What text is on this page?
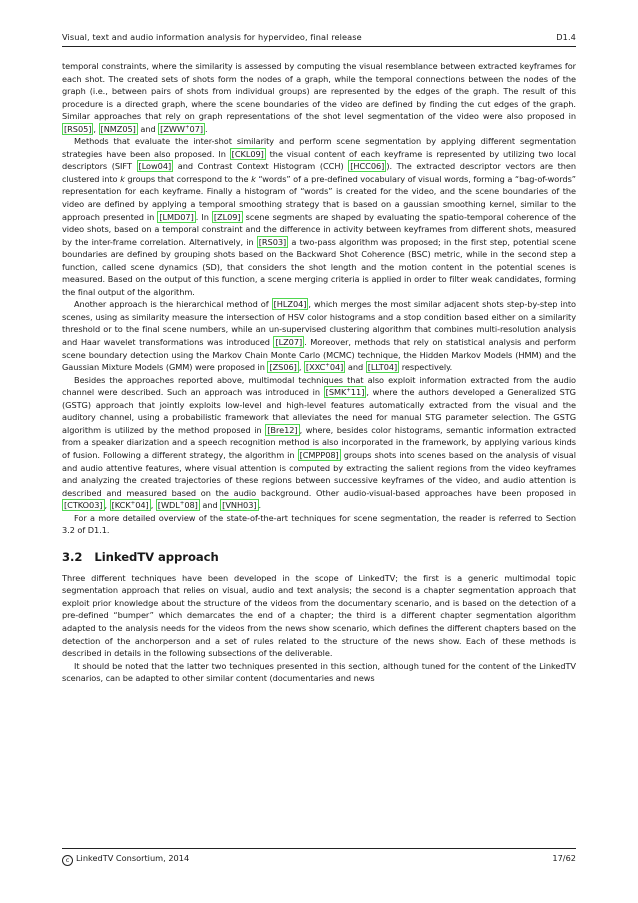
Visual, text and audio information analysis for hypervideo, final release	D1.4

temporal constraints, where the similarity is assessed by computing the visual resemblance between extracted keyframes for each shot. The created sets of shots form the nodes of a graph, while the temporal connections between the nodes of the graph (i.e., between pairs of shots from individual groups) are represented by the edges of the graph. The result of this procedure is a directed graph, where the scene boundaries of the video are defined by finding the cut edges of the graph. Similar approaches that rely on graph representations of the shot level segmentation of the video were also proposed in [ RS05 ] , [ NMZ05 ] and [ ZWW+07 ] .

Methods that evaluate the inter-shot similarity and perform scene segmentation by applying different segmentation strategies have been also proposed. In [ CKL09 ] the visual content of each keyframe is represented by utilizing two local descriptors (SIFT [ Low04 ] and Contrast Context Histogram (CCH) [ HCC06 ] ). The extracted descriptor vectors are then clustered into k groups that correspond to the k “words” of a pre-defined vocabulary of visual words, forming a “bag-of-words” representation for each keyframe. Finally a histogram of “words” is created for the video, and the scene boundaries of the video are defined by applying a temporal smoothing strategy that is based on a gaussian smoothing kernel, similar to the approach presented in [ LMD07 ] . In [ ZL09 ] scene segments are shaped by evaluating the spatio-temporal coherence of the video shots, based on a temporal constraint and the difference in activity between keyframes from different shots, measured by the inter-frame correlation. Alternatively, in [ RS03 ] a two-pass algorithm was proposed; in the first step, potential scene boundaries are defined by grouping shots based on the Backward Shot Coherence (BSC) metric, while in the second step a function, called scene dynamics (SD), that considers the shot length and the motion content in the potential scenes is measured. Based on the output of this function, a scene merging criteria is applied in order to filter weak candidates, forming the final output of the algorithm.

Another approach is the hierarchical method of [ HLZ04 ] , which merges the most similar adjacent shots step-by-step into scenes, using as similarity measure the intersection of HSV color histograms and a stop condition based either on a similarity threshold or to the final scene numbers, while an un-supervised clustering algorithm that combines multi-resolution analysis and Haar wavelet transformations was introduced [ LZ07 ] . Moreover, methods that rely on statistical analysis and perform scene boundary detection using the Markov Chain Monte Carlo (MCMC) technique, the Hidden Markov Models (HMM) and the Gaussian Mixture Models (GMM) were proposed in [ ZS06 ] , [ XXC+04 ] and [ LLT04 ] respectively.

Besides the approaches reported above, multimodal techniques that also exploit information extracted from the audio channel were described. Such an approach was introduced in [ SMK+11 ] , where the authors developed a Generalized STG (GSTG) approach that jointly exploits low-level and high-level features automatically extracted from the visual and the auditory channel, using a probabilistic framework that alleviates the need for manual STG parameter selection. The GSTG algorithm is utilized by the method proposed in [ Bre12 ] , where, besides color histograms, semantic information extracted from a speaker diarization and a speech recognition method is also incorporated in the framework, by applying various kinds of fusion. Following a different strategy, the algorithm in [ CMPP08 ] groups shots into scenes based on the analysis of visual and audio attentive features, where visual attention is computed by extracting the salient regions from the video keyframes and analyzing the created trajectories of these regions between successive keyframes of the video, and audio attention is described and measured based on the audio background. Other audio-visual-based approaches have been proposed in [ CTKO03 ] , [ KCK+04 ] , [ WDL+08 ] and [ VNH03 ] .

For a more detailed overview of the state-of-the-art techniques for scene segmentation, the reader is referred to Section 3.2 of D1.1.

3.2 LinkedTV approach

Three different techniques have been developed in the scope of LinkedTV; the first is a generic multimodal topic segmentation approach that relies on visual, audio and text analysis; the second is a chapter segmentation approach that exploit prior knowledge about the structure of the videos from the documentary scenario, and is based on the detection of a pre-defined “bumper” which demarcates the end of a chapter; the third is a different chapter segmentation algorithm adapted to the analysis needs for the videos from the news show scenario, which defines the different chapters based on the detection of the anchorperson and a set of rules related to the structure of the news show. Each of these methods is described in details in the following subsections of the deliverable.

It should be noted that the latter two techniques presented in this section, although tuned for the content of the LinkedTV scenarios, can be adapted to other similar content (documentaries and news

c LinkedTV Consortium, 2014	17/62
